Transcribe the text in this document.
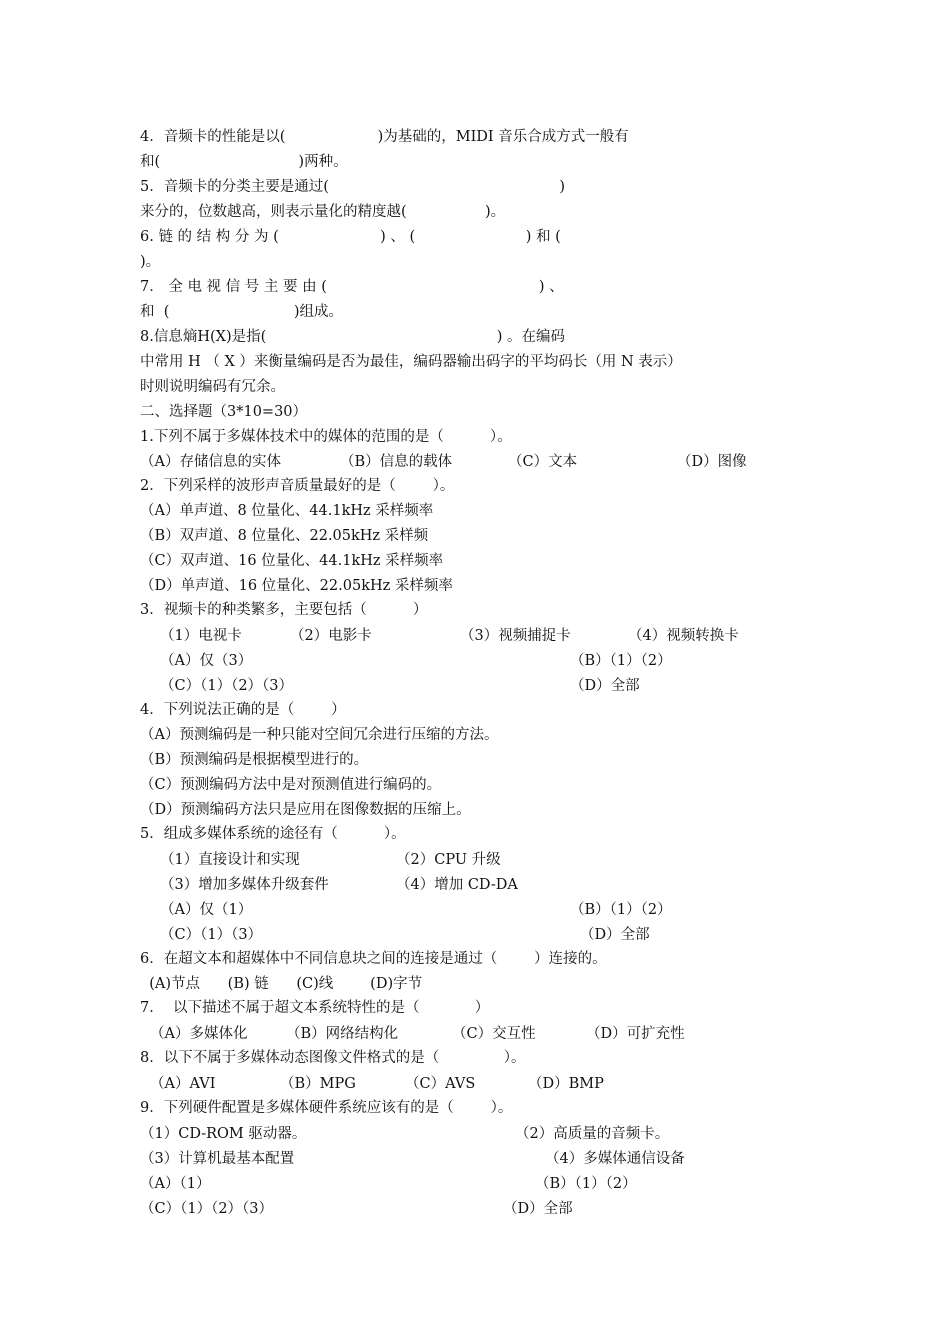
4．音频卡的性能是以(                    )为基础的，MIDI 音乐合成方式一般有
和(                              )两种。
5．音频卡的分类主要是通过(                                                  )
来分的，位数越高，则表示量化的精度越(                 )。
6. 链 的 结 构 分 为 (                      ) 、 (                        ) 和 (
)。
7． 全 电 视 信 号 主 要 由 (                                              ) 、
和  (                           )组成。
8.信息熵H(X)是指(                                                  ) 。在编码
中常用 H （ X ）来衡量编码是否为最佳，编码器输出码字的平均码长（用 N 表示）
时则说明编码有冗余。
二、选择题（3*10=30）
1.下列不属于多媒体技术中的媒体的范围的是（          ）。
（A）存储信息的实体	（B）信息的载体	（C）文本	（D）图像
2．下列采样的波形声音质量最好的是（        ）。
（A）单声道、8 位量化、44.1kHz 采样频率
（B）双声道、8 位量化、22.05kHz 采样频
（C）双声道、16 位量化、44.1kHz 采样频率
（D）单声道、16 位量化、22.05kHz 采样频率
3．视频卡的种类繁多，主要包括（          ）
（1）电视卡	（2）电影卡	（3）视频捕捉卡	（4）视频转换卡
（A）仅（3）	（B）（1）（2）
（C）（1）（2）（3）	（D）全部
4．下列说法正确的是（        ）
（A）预测编码是一种只能对空间冗余进行压缩的方法。
（B）预测编码是根据模型进行的。
（C）预测编码方法中是对预测值进行编码的。
（D）预测编码方法只是应用在图像数据的压缩上。
5．组成多媒体系统的途径有（          ）。
（1）直接设计和实现	（2）CPU 升级
（3）增加多媒体升级套件	（4）增加 CD-DA
（A）仅（1）	（B）（1）（2）
（C）（1）（3）	（D）全部
6．在超文本和超媒体中不同信息块之间的连接是通过（        ）连接的。
(A)节点      (B) 链      (C)线        (D)字节
7．  以下描述不属于超文本系统特性的是（            ）
（A）多媒体化	（B）网络结构化	（C）交互性	（D）可扩充性
8．以下不属于多媒体动态图像文件格式的是（              ）。
（A）AVI	（B）MPG	（C）AVS	（D）BMP
9．下列硬件配置是多媒体硬件系统应该有的是（        ）。
（1）CD-ROM 驱动器。	（2）高质量的音频卡。
（3）计算机最基本配置	（4）多媒体通信设备
（A）（1）	（B）（1）（2）
（C）（1）（2）（3）	（D）全部
